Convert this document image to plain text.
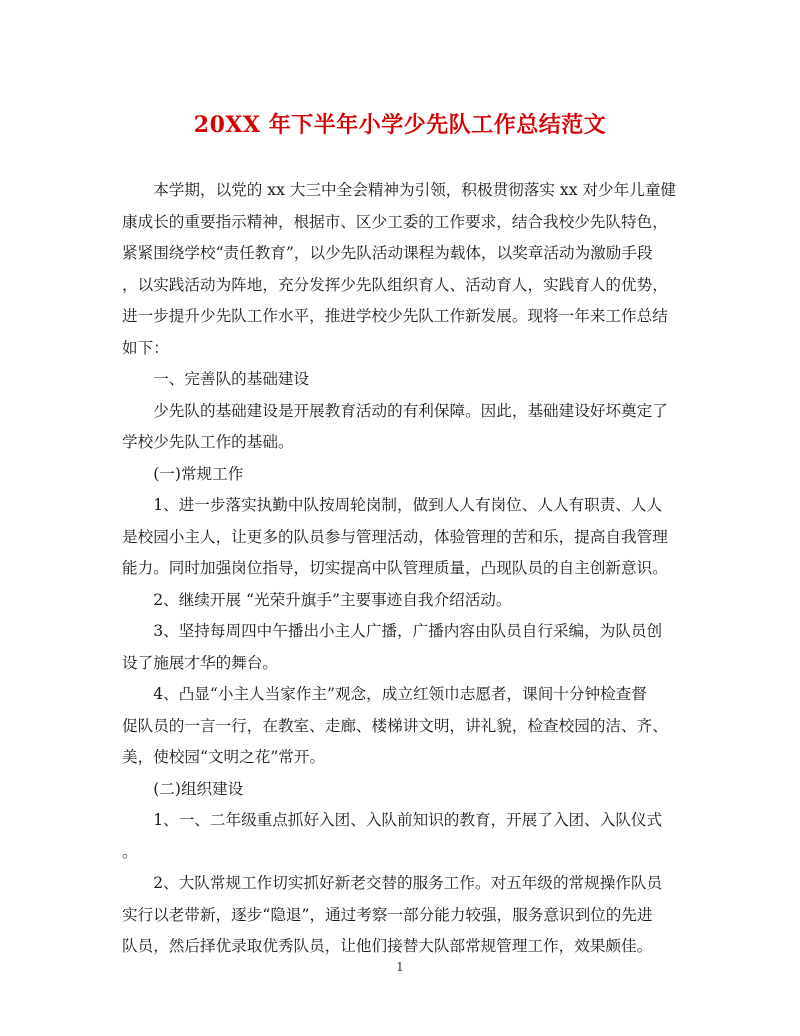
20XX 年下半年小学少先队工作总结范文
　　本学期，以党的 xx 大三中全会精神为引领，积极贯彻落实 xx 对少年儿童健
康成长的重要指示精神，根据市、区少工委的工作要求，结合我校少先队特色，
紧紧围绕学校“责任教育”，以少先队活动课程为载体，以奖章活动为激励手段
，以实践活动为阵地，充分发挥少先队组织育人、活动育人，实践育人的优势，
进一步提升少先队工作水平，推进学校少先队工作新发展。现将一年来工作总结
如下：
　　一、完善队的基础建设
　　少先队的基础建设是开展教育活动的有利保障。因此，基础建设好坏奠定了
学校少先队工作的基础。
　　(一)常规工作
　　1、进一步落实执勤中队按周轮岗制，做到人人有岗位、人人有职责、人人
是校园小主人，让更多的队员参与管理活动，体验管理的苦和乐，提高自我管理
能力。同时加强岗位指导，切实提高中队管理质量，凸现队员的自主创新意识。
　　2、继续开展 “光荣升旗手”主要事迹自我介绍活动。
　　3、坚持每周四中午播出小主人广播，广播内容由队员自行采编，为队员创
设了施展才华的舞台。
　　4、凸显“小主人当家作主”观念，成立红领巾志愿者，课间十分钟检查督
促队员的一言一行，在教室、走廊、楼梯讲文明，讲礼貌，检查校园的洁、齐、
美，使校园“文明之花”常开。
　　(二)组织建设
　　1、一、二年级重点抓好入团、入队前知识的教育，开展了入团、入队仪式
。
　　2、大队常规工作切实抓好新老交替的服务工作。对五年级的常规操作队员
实行以老带新，逐步“隐退”，通过考察一部分能力较强，服务意识到位的先进
队员，然后择优录取优秀队员，让他们接替大队部常规管理工作，效果颇佳。
1
